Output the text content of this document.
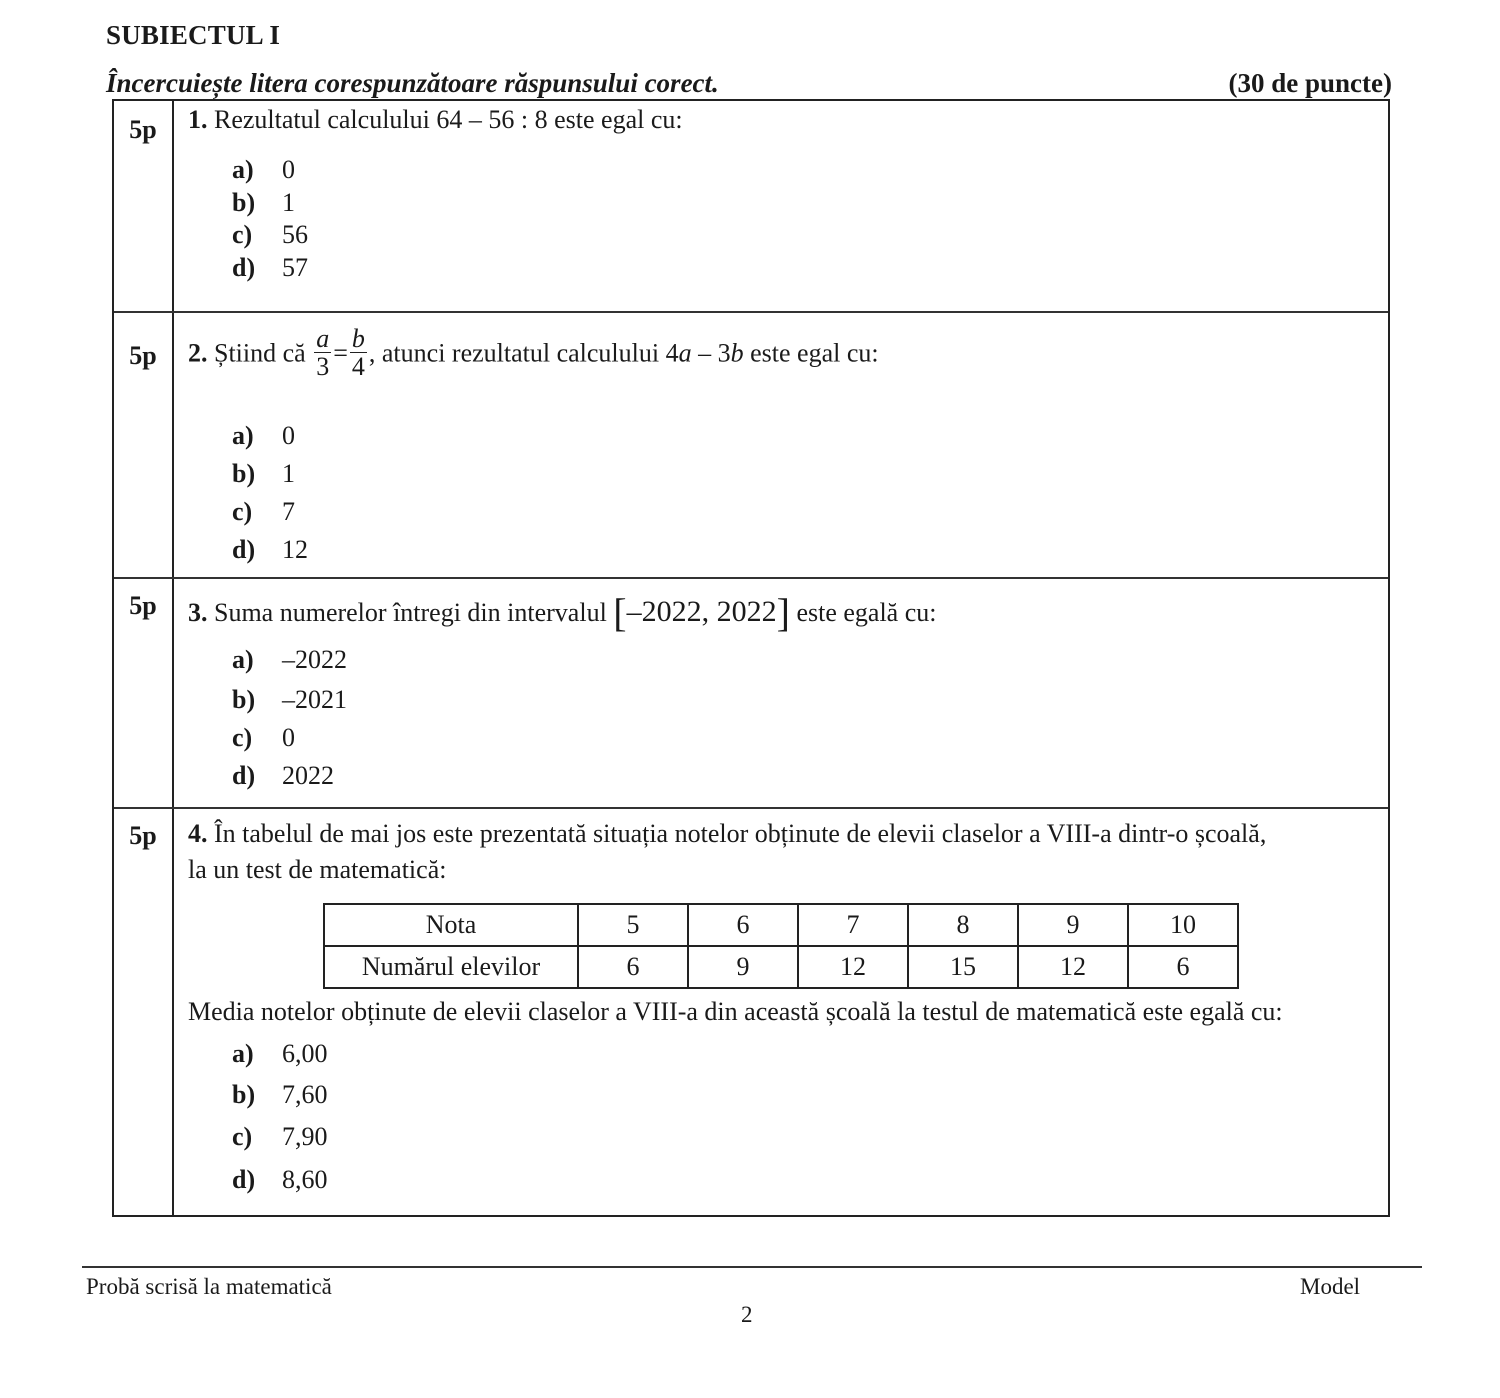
SUBIECTUL I
Încercuiește litera corespunzătoare răspunsului corect.	(30 de puncte)
5p	1. Rezultatul calculului 64 – 56 : 8 este egal cu:
a) 0
b) 1
c) 56
d) 57
5p	2. Știind că $\frac{a}{3} = \frac{b}{4}$ , atunci rezultatul calculului 4a – 3b este egal cu:
a) 0
b) 1
c) 7
d) 12
5p	3. Suma numerelor întregi din intervalul [–2022, 2022] este egală cu:
a) –2022
b) –2021
c) 0
d) 2022
5p	4. În tabelul de mai jos este prezentată situația notelor obținute de elevii claselor a VIII-a dintr-o școală,
la un test de matematică:
Nota	5	6	7	8	9	10
Numărul elevilor	6	9	12	15	12	6
Media notelor obținute de elevii claselor a VIII-a din această școală la testul de matematică este egală cu:
a) 6,00
b) 7,60
c) 7,90
d) 8,60
Probă scrisă la matematică	Model
2
